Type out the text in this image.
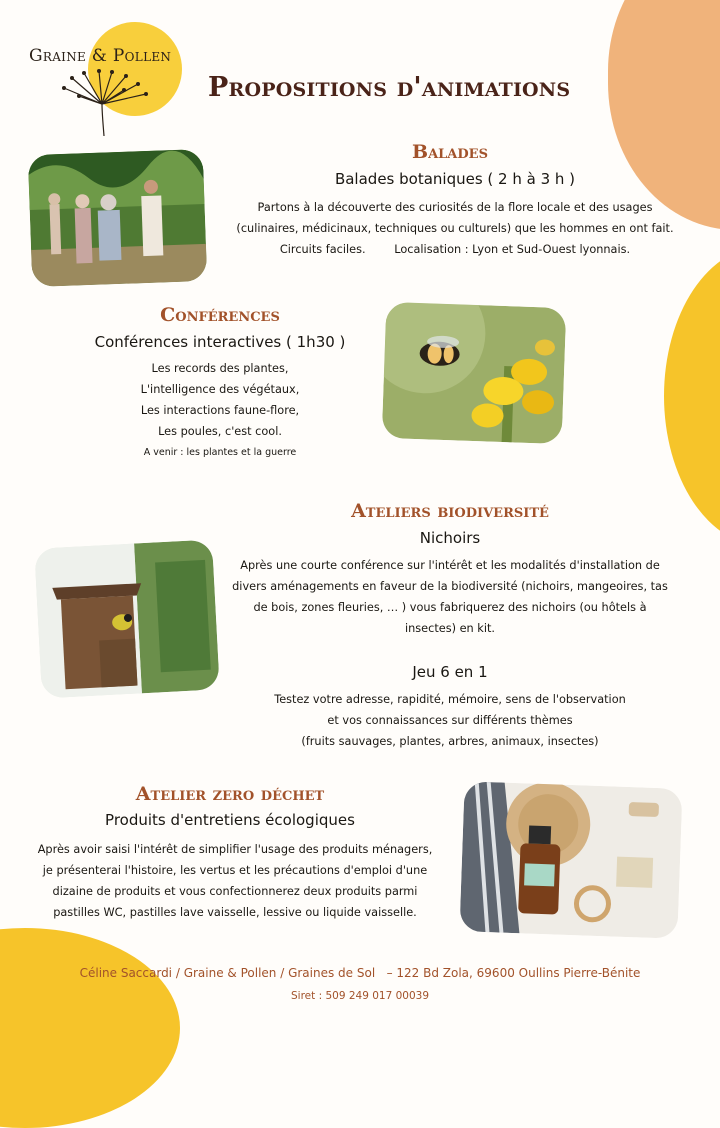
Graine & Pollen
Propositions d'animations
Balades
Balades botaniques ( 2 h à 3 h )
Partons à la découverte des curiosités de la flore locale et des usages
(culinaires, médicinaux, techniques ou culturels) que les hommes en ont fait.
Circuits faciles.        Localisation : Lyon et Sud-Ouest lyonnais.
Conférences
Conférences interactives ( 1h30 )
Les records des plantes,
L'intelligence des végétaux,
Les interactions faune-flore,
Les poules, c'est cool.
A venir : les plantes et la guerre
Ateliers biodiversité
Nichoirs
Après une courte conférence sur l'intérêt et les modalités d'installation de
divers aménagements en faveur de la biodiversité (nichoirs, mangeoires, tas
de bois, zones fleuries, … ) vous fabriquerez des nichoirs (ou hôtels à
insectes) en kit.
Jeu 6 en 1
Testez votre adresse, rapidité, mémoire, sens de l'observation
et vos connaissances sur différents thèmes
(fruits sauvages, plantes, arbres, animaux, insectes)
Atelier zero déchet
Produits d'entretiens écologiques
Après avoir saisi l'intérêt de simplifier l'usage des produits ménagers,
je présenterai l'histoire, les vertus et les précautions d'emploi d'une
dizaine de produits et vous confectionnerez deux produits parmi
pastilles WC, pastilles lave vaisselle, lessive ou liquide vaisselle.
Céline Saccardi / Graine & Pollen / Graines de Sol   – 122 Bd Zola, 69600 Oullins Pierre-Bénite
Siret : 509 249 017 00039
